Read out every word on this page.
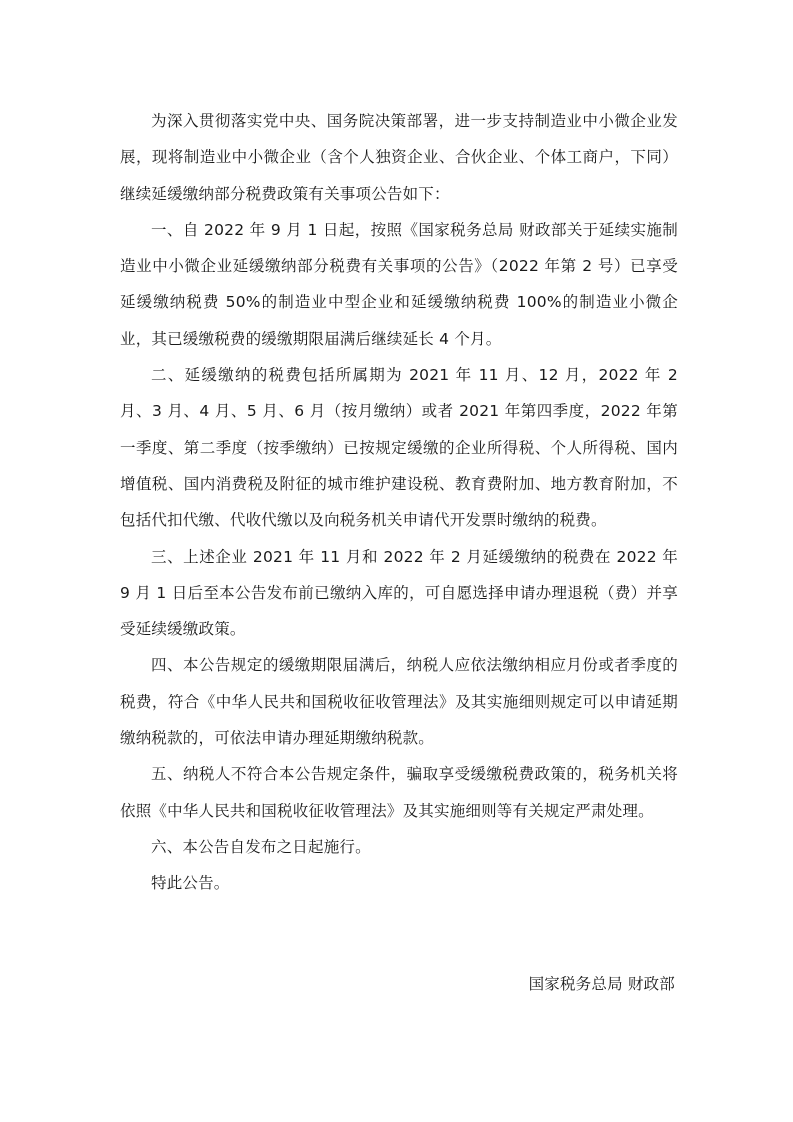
为深入贯彻落实党中央、国务院决策部署，进一步支持制造业中小微企业发展，现将制造业中小微企业（含个人独资企业、合伙企业、个体工商户，下同）继续延缓缴纳部分税费政策有关事项公告如下：

一、自 2022 年 9 月 1 日起，按照《国家税务总局 财政部关于延续实施制造业中小微企业延缓缴纳部分税费有关事项的公告》（2022 年第 2 号）已享受延缓缴纳税费 50%的制造业中型企业和延缓缴纳税费 100%的制造业小微企业，其已缓缴税费的缓缴期限届满后继续延长 4 个月。

二、延缓缴纳的税费包括所属期为 2021 年 11 月、12 月，2022 年 2 月、3 月、4 月、5 月、6 月（按月缴纳）或者 2021 年第四季度，2022 年第一季度、第二季度（按季缴纳）已按规定缓缴的企业所得税、个人所得税、国内增值税、国内消费税及附征的城市维护建设税、教育费附加、地方教育附加，不包括代扣代缴、代收代缴以及向税务机关申请代开发票时缴纳的税费。

三、上述企业 2021 年 11 月和 2022 年 2 月延缓缴纳的税费在 2022 年 9 月 1 日后至本公告发布前已缴纳入库的，可自愿选择申请办理退税（费）并享受延续缓缴政策。

四、本公告规定的缓缴期限届满后，纳税人应依法缴纳相应月份或者季度的税费，符合《中华人民共和国税收征收管理法》及其实施细则规定可以申请延期缴纳税款的，可依法申请办理延期缴纳税款。

五、纳税人不符合本公告规定条件，骗取享受缓缴税费政策的，税务机关将依照《中华人民共和国税收征收管理法》及其实施细则等有关规定严肃处理。

六、本公告自发布之日起施行。

特此公告。

国家税务总局 财政部
